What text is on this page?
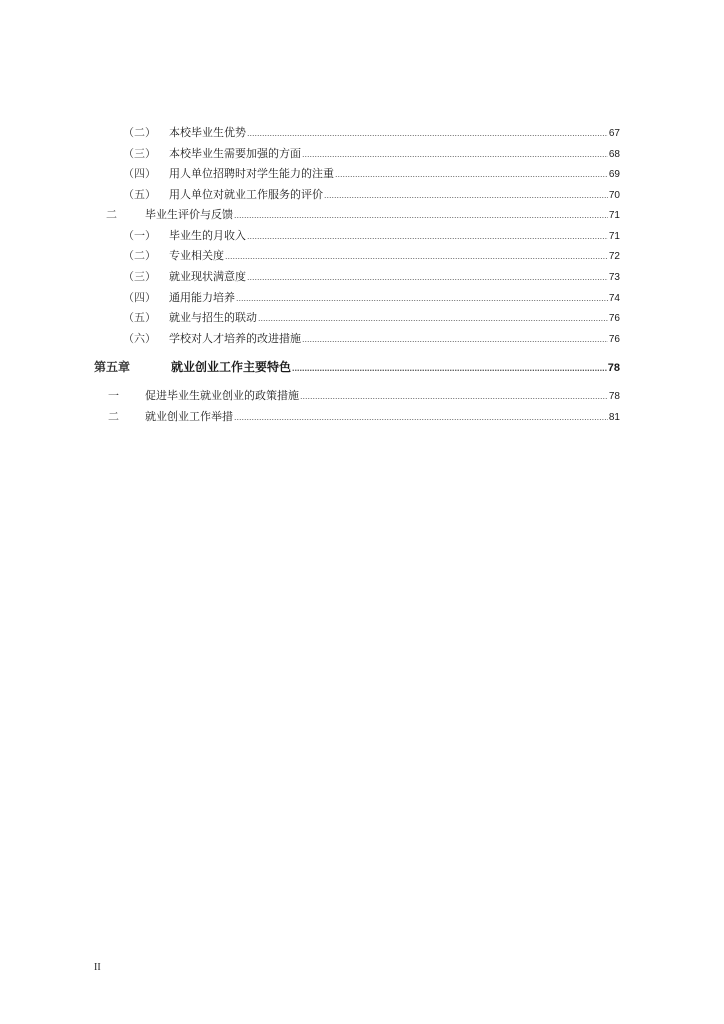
（二）	本校毕业生优势 .....	67
（三）	本校毕业生需要加强的方面 .....	68
（四）	用人单位招聘时对学生能力的注重 .....	69
（五）	用人单位对就业工作服务的评价 .....	70
二	毕业生评价与反馈 .....	71
（一）	毕业生的月收入 .....	71
（二）	专业相关度 .....	72
（三）	就业现状满意度 .....	73
（四）	通用能力培养 .....	74
（五）	就业与招生的联动 .....	76
（六）	学校对人才培养的改进措施 .....	76
第五章	就业创业工作主要特色 .....	78
一	促进毕业生就业创业的政策措施 .....	78
二	就业创业工作举措 .....	81
II
